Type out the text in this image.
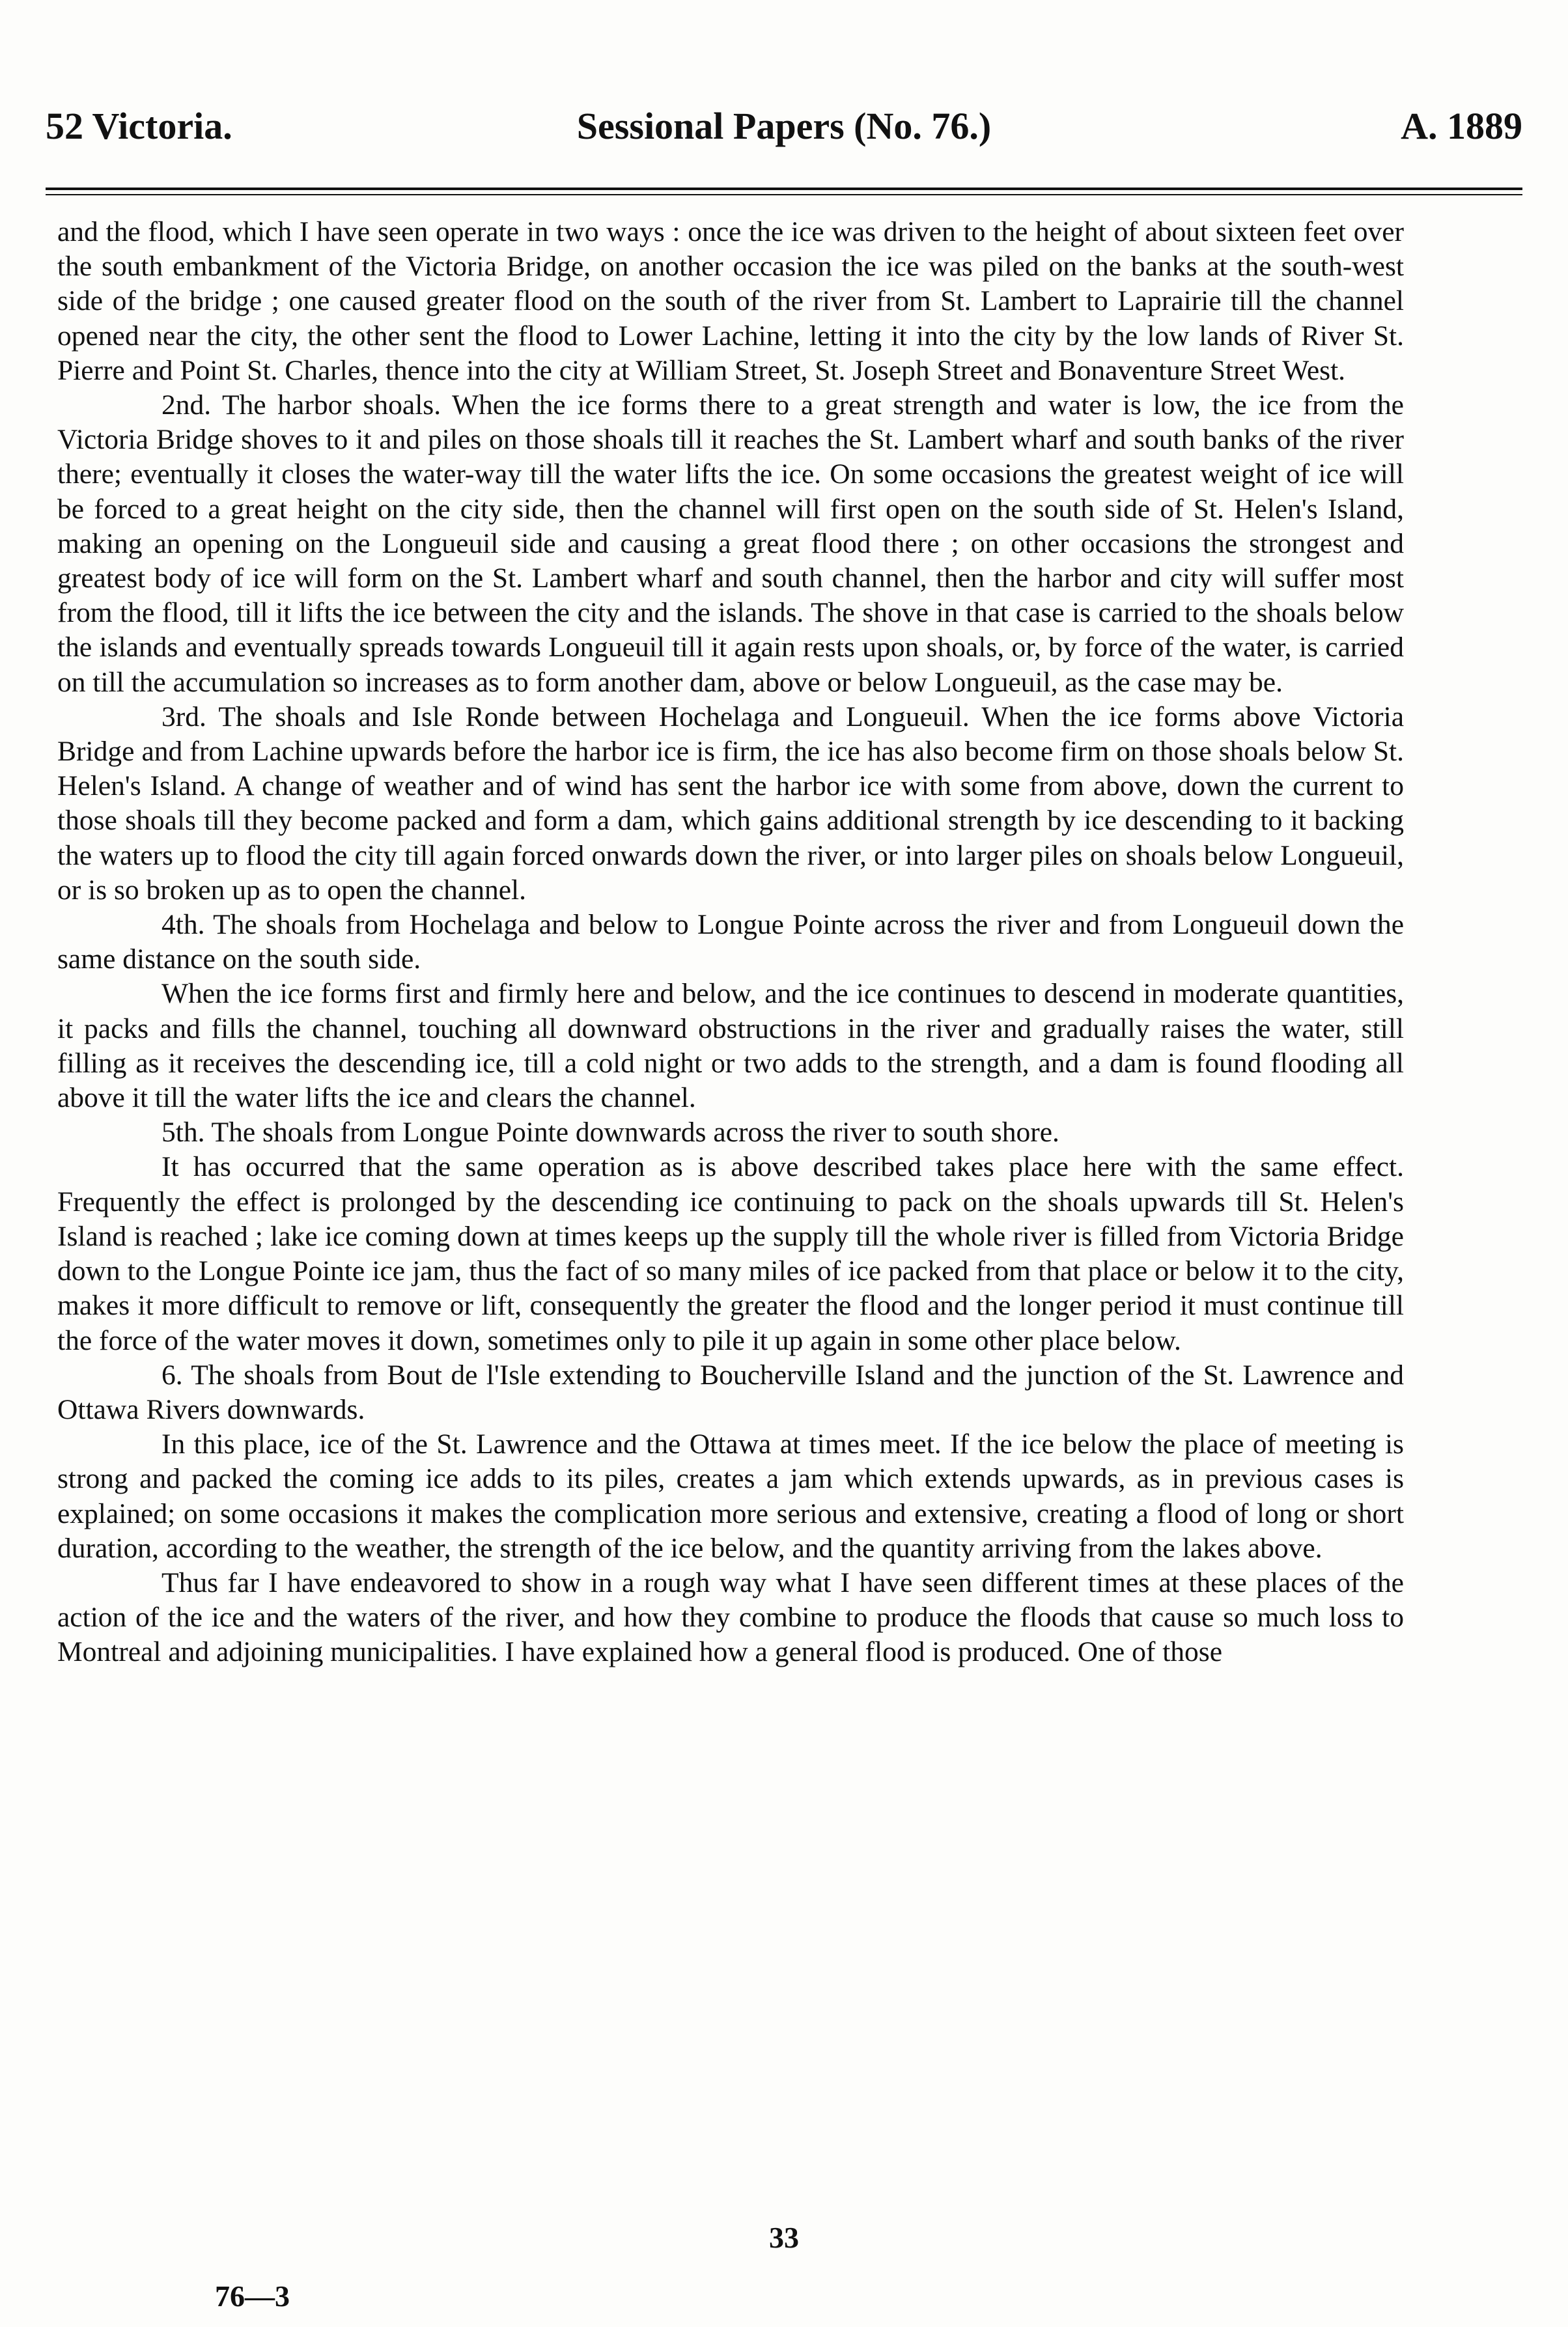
52 Victoria.	Sessional Papers (No. 76.)	A. 1889

and the flood, which I have seen operate in two ways : once the ice was driven to the height of about sixteen feet over the south embankment of the Victoria Bridge, on another occasion the ice was piled on the banks at the south-west side of the bridge ; one caused greater flood on the south of the river from St. Lambert to Laprairie till the channel opened near the city, the other sent the flood to Lower Lachine, letting it into the city by the low lands of River St. Pierre and Point St. Charles, thence into the city at William Street, St. Joseph Street and Bonaventure Street West.

2nd. The harbor shoals. When the ice forms there to a great strength and water is low, the ice from the Victoria Bridge shoves to it and piles on those shoals till it reaches the St. Lambert wharf and south banks of the river there; eventually it closes the water-way till the water lifts the ice. On some occasions the greatest weight of ice will be forced to a great height on the city side, then the channel will first open on the south side of St. Helen's Island, making an opening on the Longueuil side and causing a great flood there ; on other occasions the strongest and greatest body of ice will form on the St. Lambert wharf and south channel, then the harbor and city will suffer most from the flood, till it lifts the ice between the city and the islands. The shove in that case is carried to the shoals below the islands and eventually spreads towards Longueuil till it again rests upon shoals, or, by force of the water, is carried on till the accumulation so increases as to form another dam, above or below Longueuil, as the case may be.

3rd. The shoals and Isle Ronde between Hochelaga and Longueuil. When the ice forms above Victoria Bridge and from Lachine upwards before the harbor ice is firm, the ice has also become firm on those shoals below St. Helen's Island. A change of weather and of wind has sent the harbor ice with some from above, down the current to those shoals till they become packed and form a dam, which gains additional strength by ice descending to it backing the waters up to flood the city till again forced onwards down the river, or into larger piles on shoals below Longueuil, or is so broken up as to open the channel.

4th. The shoals from Hochelaga and below to Longue Pointe across the river and from Longueuil down the same distance on the south side.

When the ice forms first and firmly here and below, and the ice continues to descend in moderate quantities, it packs and fills the channel, touching all downward obstructions in the river and gradually raises the water, still filling as it receives the descending ice, till a cold night or two adds to the strength, and a dam is found flooding all above it till the water lifts the ice and clears the channel.

5th. The shoals from Longue Pointe downwards across the river to south shore.

It has occurred that the same operation as is above described takes place here with the same effect. Frequently the effect is prolonged by the descending ice continuing to pack on the shoals upwards till St. Helen's Island is reached ; lake ice coming down at times keeps up the supply till the whole river is filled from Victoria Bridge down to the Longue Pointe ice jam, thus the fact of so many miles of ice packed from that place or below it to the city, makes it more difficult to remove or lift, consequently the greater the flood and the longer period it must continue till the force of the water moves it down, sometimes only to pile it up again in some other place below.

6. The shoals from Bout de l'Isle extending to Boucherville Island and the junction of the St. Lawrence and Ottawa Rivers downwards.

In this place, ice of the St. Lawrence and the Ottawa at times meet. If the ice below the place of meeting is strong and packed the coming ice adds to its piles, creates a jam which extends upwards, as in previous cases is explained; on some occasions it makes the complication more serious and extensive, creating a flood of long or short duration, according to the weather, the strength of the ice below, and the quantity arriving from the lakes above.

Thus far I have endeavored to show in a rough way what I have seen different times at these places of the action of the ice and the waters of the river, and how they combine to produce the floods that cause so much loss to Montreal and adjoining municipalities. I have explained how a general flood is produced. One of those

33
76—3
